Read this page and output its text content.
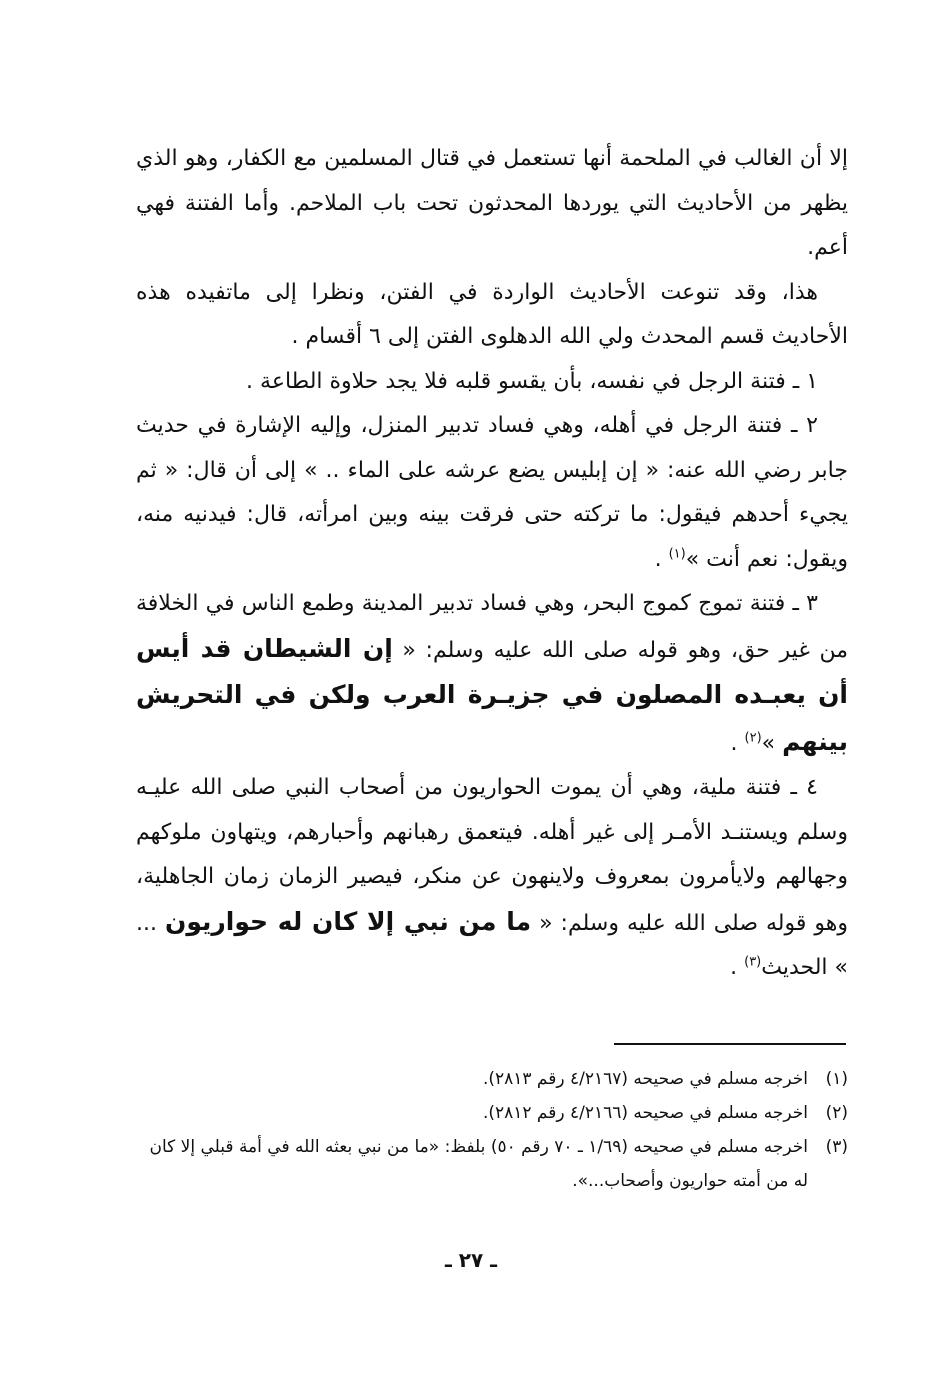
إلا أن الغالب في الملحمة أنها تستعمل في قتال المسلمين مع الكفار، وهو الذي يظهر من الأحاديث التي يوردها المحدثون تحت باب الملاحم. وأما الفتنة فهي أعم.

هذا، وقد تنوعت الأحاديث الواردة في الفتن، ونظرا إلى ماتفيده هذه الأحاديث قسم المحدث ولي الله الدهلوى الفتن إلى ٦ أقسام .

١ ـ فتنة الرجل في نفسه، بأن يقسو قلبه فلا يجد حلاوة الطاعة .

٢ ـ فتنة الرجل في أهله، وهي فساد تدبير المنزل، وإليه الإشارة في حديث جابر رضي الله عنه: « إن إبليس يضع عرشه على الماء .. » إلى أن قال: « ثم يجيء أحدهم فيقول: ما تركته حتى فرقت بينه وبين امرأته، قال: فيدنيه منه، ويقول: نعم أنت »$^{(١)}$ .

٣ ـ فتنة تموج كموج البحر، وهي فساد تدبير المدينة وطمع الناس في الخلافة من غير حق، وهو قوله صلى الله عليه وسلم: « إن الشيطان قد أيس أن يعبـده المصلون في جزيـرة العرب ولكن في التحريش بينهم »$^{(٢)}$ .

٤ ـ فتنة ملية، وهي أن يموت الحواريون من أصحاب النبي صلى الله عليـه وسلم ويستنـد الأمـر إلى غير أهله. فيتعمق رهبانهم وأحبارهم، ويتهاون ملوكهم وجهالهم ولايأمرون بمعروف ولاينهون عن منكر، فيصير الزمان زمان الجاهلية، وهو قوله صلى الله عليه وسلم: « ما من نبي إلا كان له حواريون ... » الحديث$^{(٣)}$ .

(١)
اخرجه مسلم في صحيحه (٤/٢١٦٧ رقم ٢٨١٣).
(٢)
اخرجه مسلم في صحيحه (٤/٢١٦٦ رقم ٢٨١٢).
(٣)
اخرجه مسلم في صحيحه (١/٦٩ ـ ٧٠ رقم ٥٠) بلفظ: «ما من نبي بعثه الله في أمة قبلي إلا كان له من أمته حواريون وأصحاب...».
ـ ٢٧ ـ
